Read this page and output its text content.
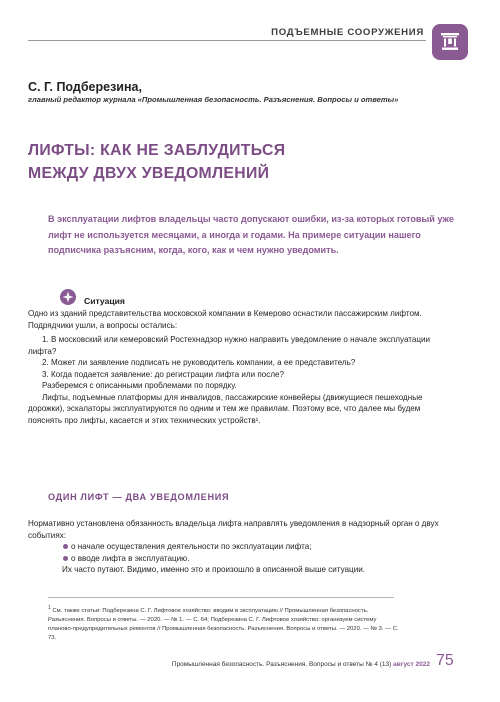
ПОДЪЕМНЫЕ СООРУЖЕНИЯ
С. Г. Подберезина,
главный редактор журнала «Промышленная безопасность. Разъяснения. Вопросы и ответы»
ЛИФТЫ: КАК НЕ ЗАБЛУДИТЬСЯ
МЕЖДУ ДВУХ УВЕДОМЛЕНИЙ
В эксплуатации лифтов владельцы часто допускают ошибки, из‑за которых готовый уже лифт не используется месяцами, а иногда и годами. На примере ситуации нашего подписчика разъясним, когда, кого, как и чем нужно уведомить.
Ситуация
Одно из зданий представительства московской компании в Кемерово оснастили пассажирским лифтом. Подрядчики ушли, а вопросы остались:

1. В московский или кемеровский Ростехнадзор нужно направить уведомление о начале эксплуатации лифта?

2. Может ли заявление подписать не руководитель компании, а ее представитель?

3. Когда подается заявление: до регистрации лифта или после?

Разберемся с описанными проблемами по порядку.

Лифты, подъемные платформы для инвалидов, пассажирские конвейеры (движущиеся пешеходные дорожки), эскалаторы эксплуатируются по одним и тем же правилам. Поэтому все, что далее мы будем пояснять про лифты, касается и этих технических устройств¹.

ОДИН ЛИФТ — ДВА УВЕДОМЛЕНИЯ

Нормативно установлена обязанность владельца лифта направлять уведомления в надзорный орган о двух событиях:

о начале осуществления деятельности по эксплуатации лифта;

о вводе лифта в эксплуатацию.

Их часто путают. Видимо, именно это и произошло в описанной выше ситуации.

$^1$ См. также статьи: Подберезина С. Г. Лифтовое хозяйство: вводим в эксплуатацию // Промышленная безопасность. Разъяснения. Вопросы и ответы. — 2020. — № 1. — С. 64; Подберезина С. Г. Лифтовое хозяйство: организуем систему планово‑предупредительных ремонтов // Промышленная безопасность. Разъяснения. Вопросы и ответы. — 2020. — № 3. — С. 73.
Промышленная безопасность. Разъяснения. Вопросы и ответы № 4 (13) август 2022 75
